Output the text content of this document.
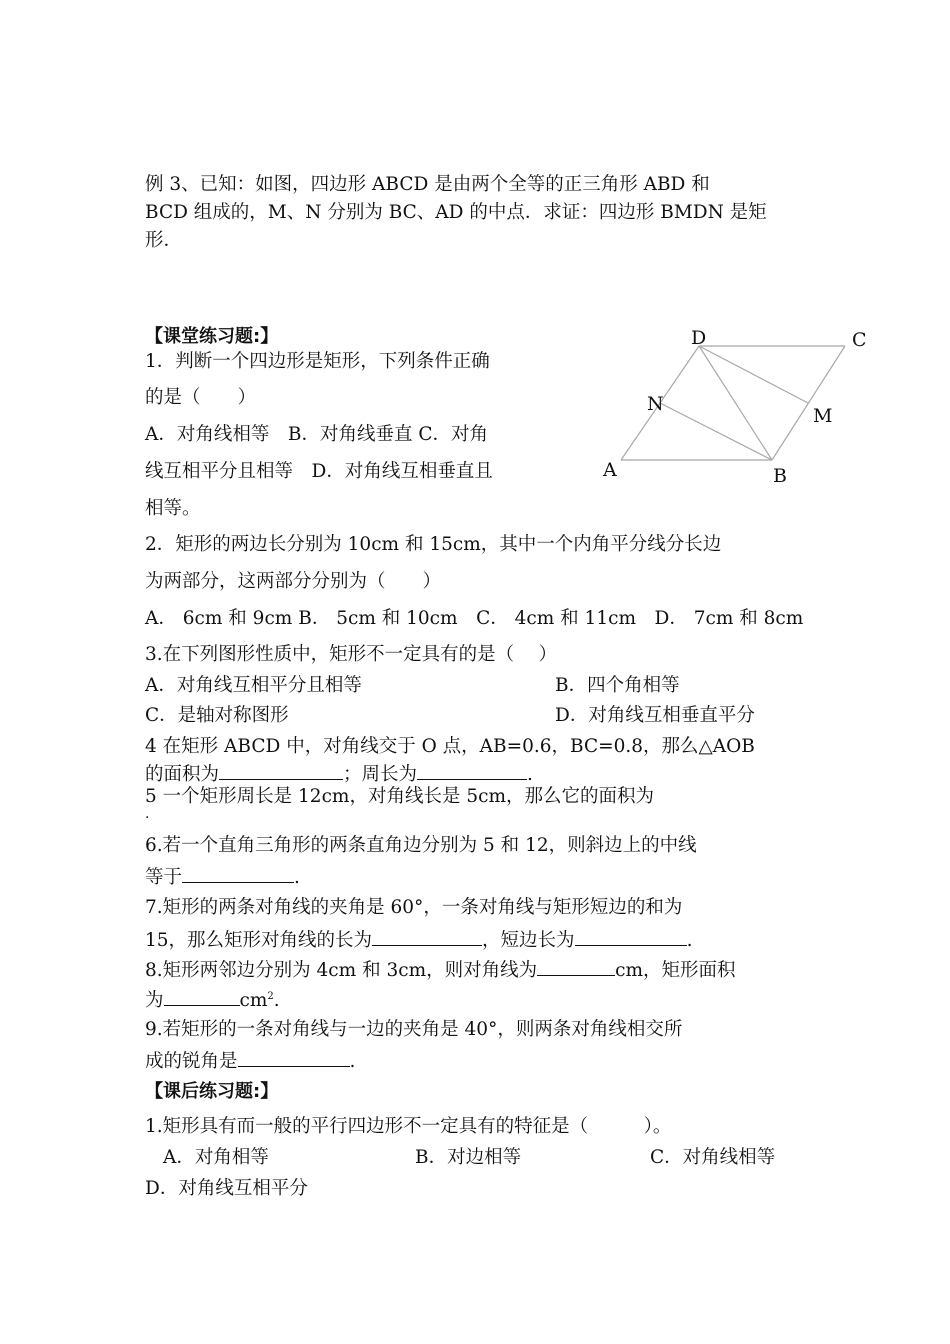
例 3、已知：如图，四边形 ABCD 是由两个全等的正三角形 ABD 和
BCD 组成的，M、N 分别为 BC、AD 的中点．求证：四边形 BMDN 是矩
形．
【课堂练习题:】
1．判断一个四边形是矩形，下列条件正确
的是（　　）
A．对角线相等　B．对角线垂直 C．对角
线互相平分且相等　D．对角线互相垂直且
相等。
D	C
N
M
A	B
2．矩形的两边长分别为 10cm 和 15cm，其中一个内角平分线分长边
为两部分，这两部分分别为（　　）
A． 6cm 和 9cm B． 5cm 和 10cm　C． 4cm 和 11cm　D． 7cm 和 8cm
3.在下列图形性质中，矩形不一定具有的是（　 ）
A．对角线互相平分且相等	B．四个角相等
C．是轴对称图形	D．对角线互相垂直平分
4 在矩形 ABCD 中，对角线交于 O 点，AB=0.6，BC=0.8，那么△AOB
的面积为	；周长为	.
5 一个矩形周长是 12cm，对角线长是 5cm，那么它的面积为
.
6.若一个直角三角形的两条直角边分别为 5 和 12，则斜边上的中线
等于	.
7.矩形的两条对角线的夹角是 60°，一条对角线与矩形短边的和为
15，那么矩形对角线的长为	，短边长为	.
8.矩形两邻边分别为 4cm 和 3cm，则对角线为	cm，矩形面积
为	$cm^2$.
9.若矩形的一条对角线与一边的夹角是 40°，则两条对角线相交所
成的锐角是	.
【课后练习题:】
1.矩形具有而一般的平行四边形不一定具有的特征是（　　　）。
A．对角相等	B．对边相等	C．对角线相等
D．对角线互相平分
